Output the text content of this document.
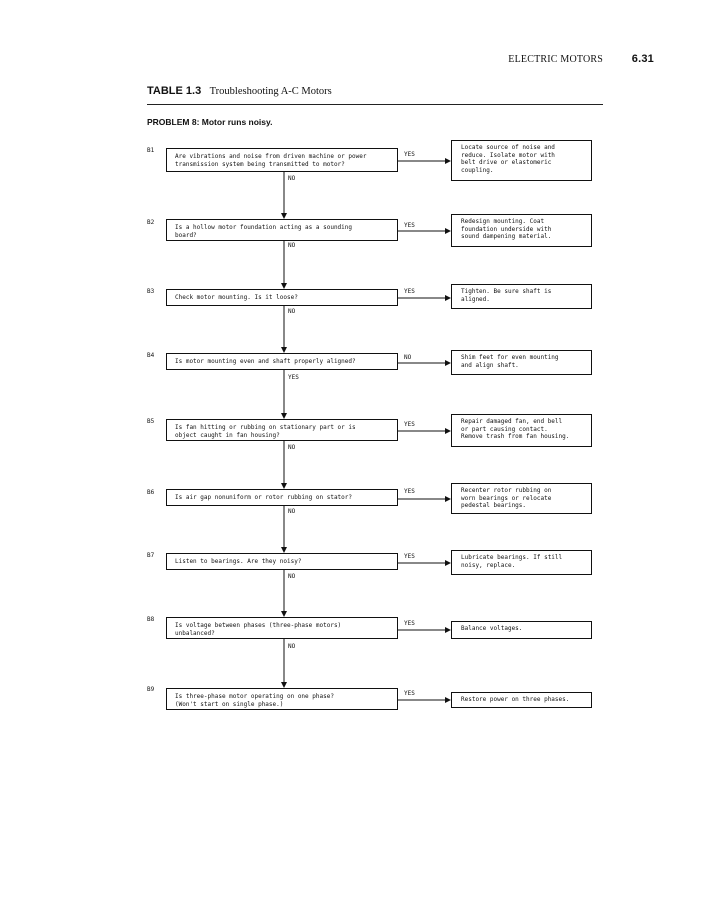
ELECTRIC MOTORS	6.31
TABLE 1.3 Troubleshooting A-C Motors
PROBLEM 8: Motor runs noisy.
B1
Are vibrations and noise from driven machine or power
transmission system being transmitted to motor?
YES
Locate source of noise and
reduce. Isolate motor with
belt drive or elastomeric
coupling.
NO
B2
Is a hollow motor foundation acting as a sounding
board?
YES
Redesign mounting. Coat
foundation underside with
sound dampening material.
NO
B3
Check motor mounting. Is it loose?
YES	Tighten. Be sure shaft is
aligned.
NO
B4
Is motor mounting even and shaft properly aligned?
NO	Shim feet for even mounting
and align shaft.
YES
B5
Is fan hitting or rubbing on stationary part or is
object caught in fan housing?
YES	Repair damaged fan, end bell
or part causing contact.
Remove trash from fan housing.
NO
B6
Is air gap nonuniform or rotor rubbing on stator?
YES	Recenter rotor rubbing on
worn bearings or relocate
pedestal bearings.
NO
B7
Listen to bearings. Are they noisy?
YES	Lubricate bearings. If still
noisy, replace.
NO
B8
Is voltage between phases (three-phase motors)
unbalanced?
YES
Balance voltages.
NO
B9
Is three-phase motor operating on one phase?
(Won't start on single phase.)
YES
Restore power on three phases.
